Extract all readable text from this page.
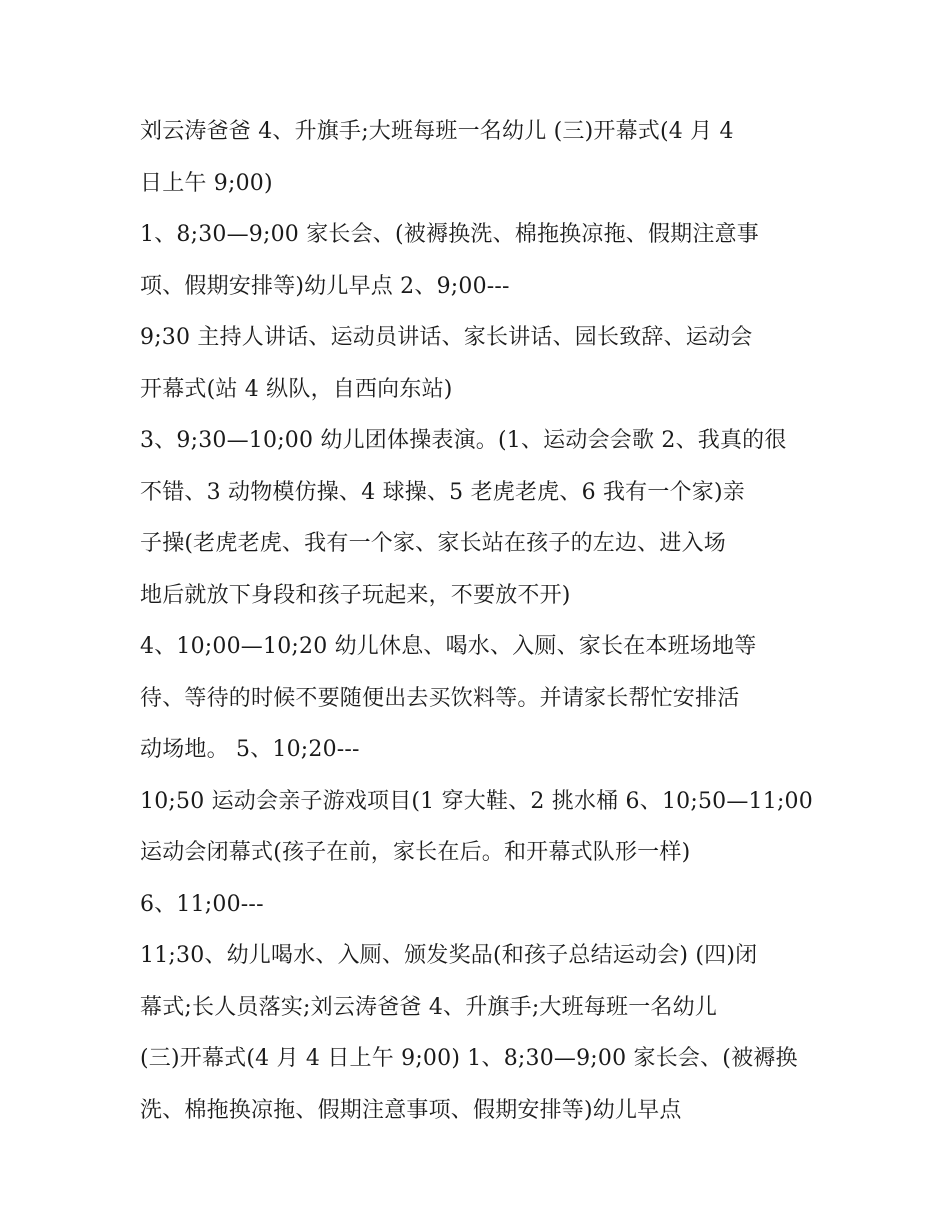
刘云涛爸爸 4、升旗手;大班每班一名幼儿 (三)开幕式(4 月 4
日上午 9;00)
1、8;30—9;00 家长会、(被褥换洗、棉拖换凉拖、假期注意事
项、假期安排等)幼儿早点 2、9;00---
9;30 主持人讲话、运动员讲话、家长讲话、园长致辞、运动会
开幕式(站 4 纵队，自西向东站)
3、9;30—10;00 幼儿团体操表演。(1、运动会会歌 2、我真的很
不错、3 动物模仿操、4 球操、5 老虎老虎、6 我有一个家)亲
子操(老虎老虎、我有一个家、家长站在孩子的左边、进入场
地后就放下身段和孩子玩起来，不要放不开)
4、10;00—10;20 幼儿休息、喝水、入厕、家长在本班场地等
待、等待的时候不要随便出去买饮料等。并请家长帮忙安排活
动场地。 5、10;20---
10;50 运动会亲子游戏项目(1 穿大鞋、2 挑水桶 6、10;50—11;00
运动会闭幕式(孩子在前，家长在后。和开幕式队形一样)
6、11;00---
11;30、幼儿喝水、入厕、颁发奖品(和孩子总结运动会) (四)闭
幕式;长人员落实;刘云涛爸爸 4、升旗手;大班每班一名幼儿
(三)开幕式(4 月 4 日上午 9;00) 1、8;30—9;00 家长会、(被褥换
洗、棉拖换凉拖、假期注意事项、假期安排等)幼儿早点
